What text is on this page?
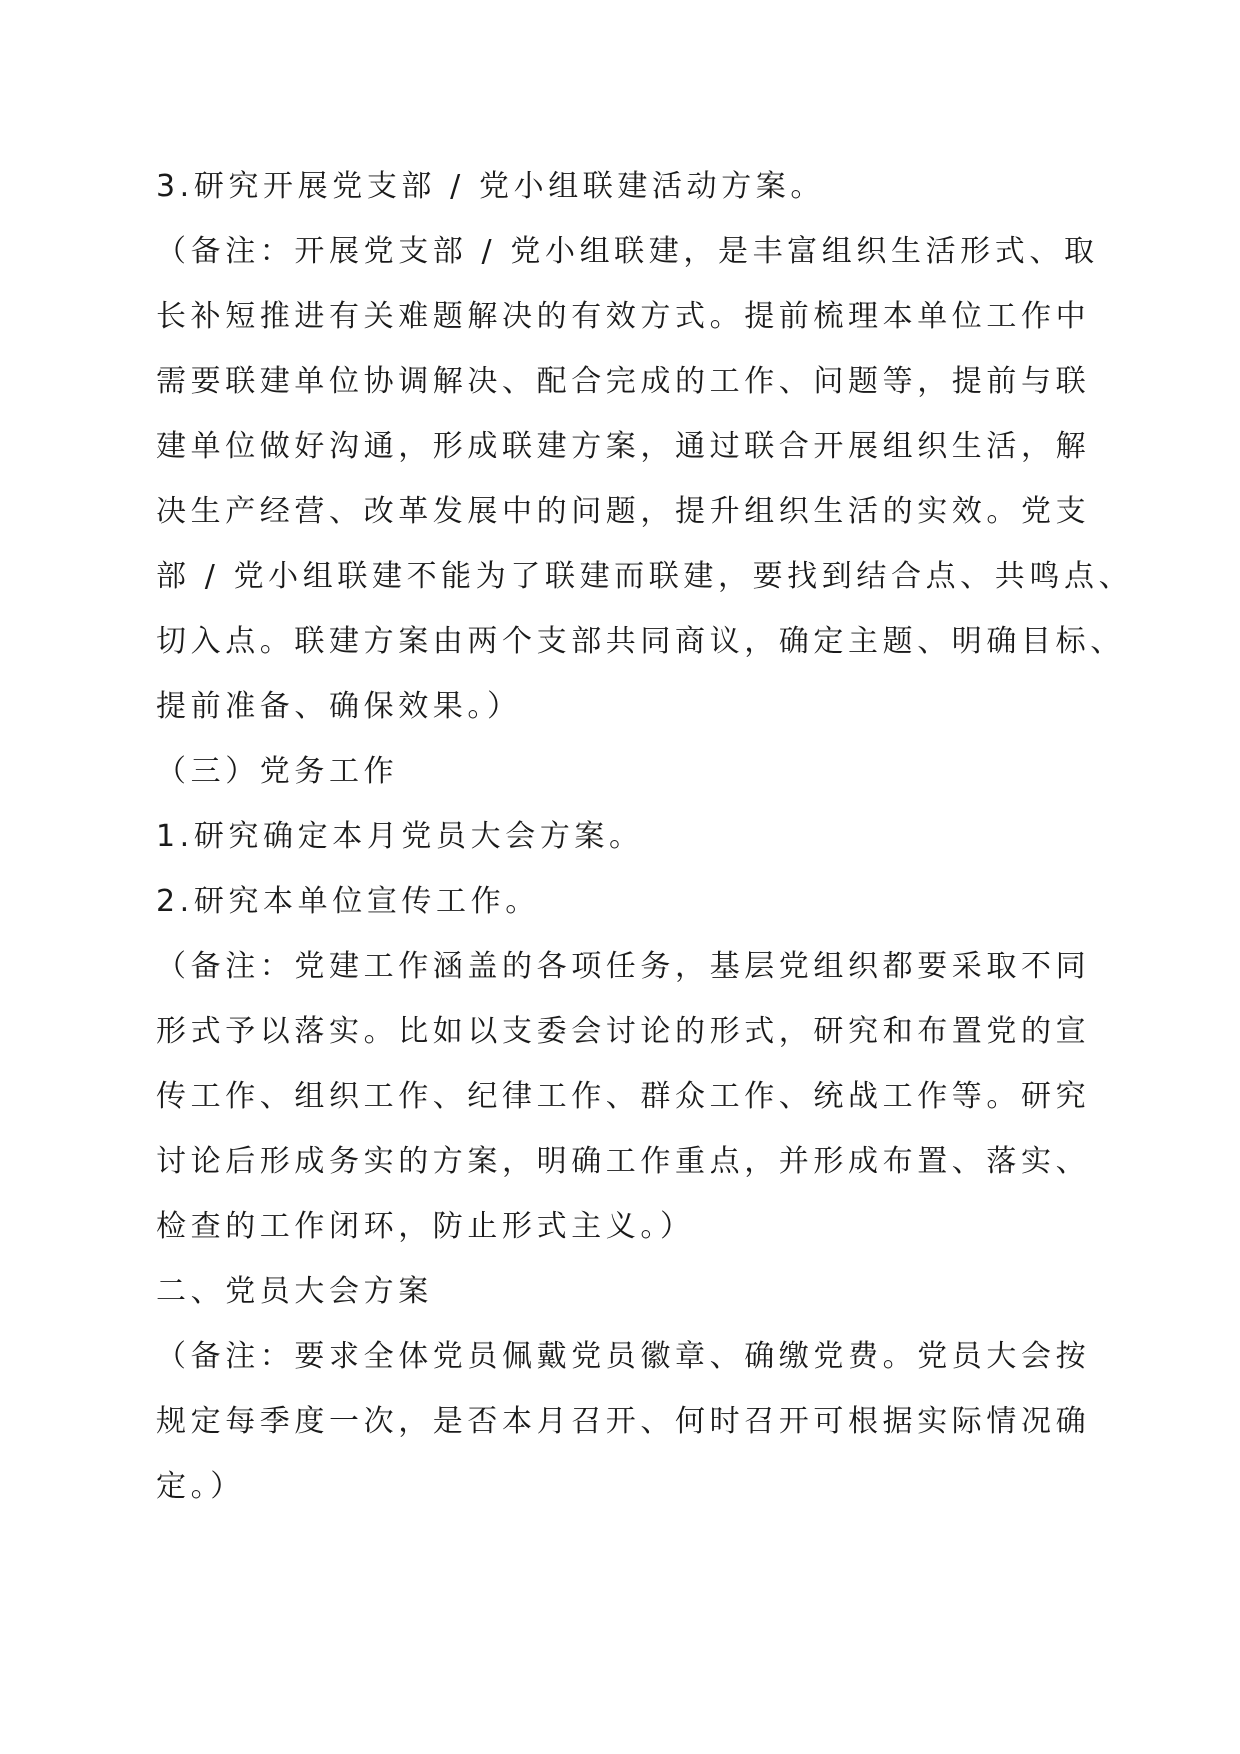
3.研究开展党支部 / 党小组联建活动方案。
（备注：开展党支部 / 党小组联建，是丰富组织生活形式、取
长补短推进有关难题解决的有效方式。提前梳理本单位工作中
需要联建单位协调解决、配合完成的工作、问题等，提前与联
建单位做好沟通，形成联建方案，通过联合开展组织生活，解
决生产经营、改革发展中的问题，提升组织生活的实效。党支
部 / 党小组联建不能为了联建而联建，要找到结合点、共鸣点、
切入点。联建方案由两个支部共同商议，确定主题、明确目标、
提前准备、确保效果。）
（三）党务工作
1.研究确定本月党员大会方案。
2.研究本单位宣传工作。
（备注：党建工作涵盖的各项任务，基层党组织都要采取不同
形式予以落实。比如以支委会讨论的形式，研究和布置党的宣
传工作、组织工作、纪律工作、群众工作、统战工作等。研究
讨论后形成务实的方案，明确工作重点，并形成布置、落实、
检查的工作闭环，防止形式主义。）
二、党员大会方案
（备注：要求全体党员佩戴党员徽章、确缴党费。党员大会按
规定每季度一次，是否本月召开、何时召开可根据实际情况确
定。）
